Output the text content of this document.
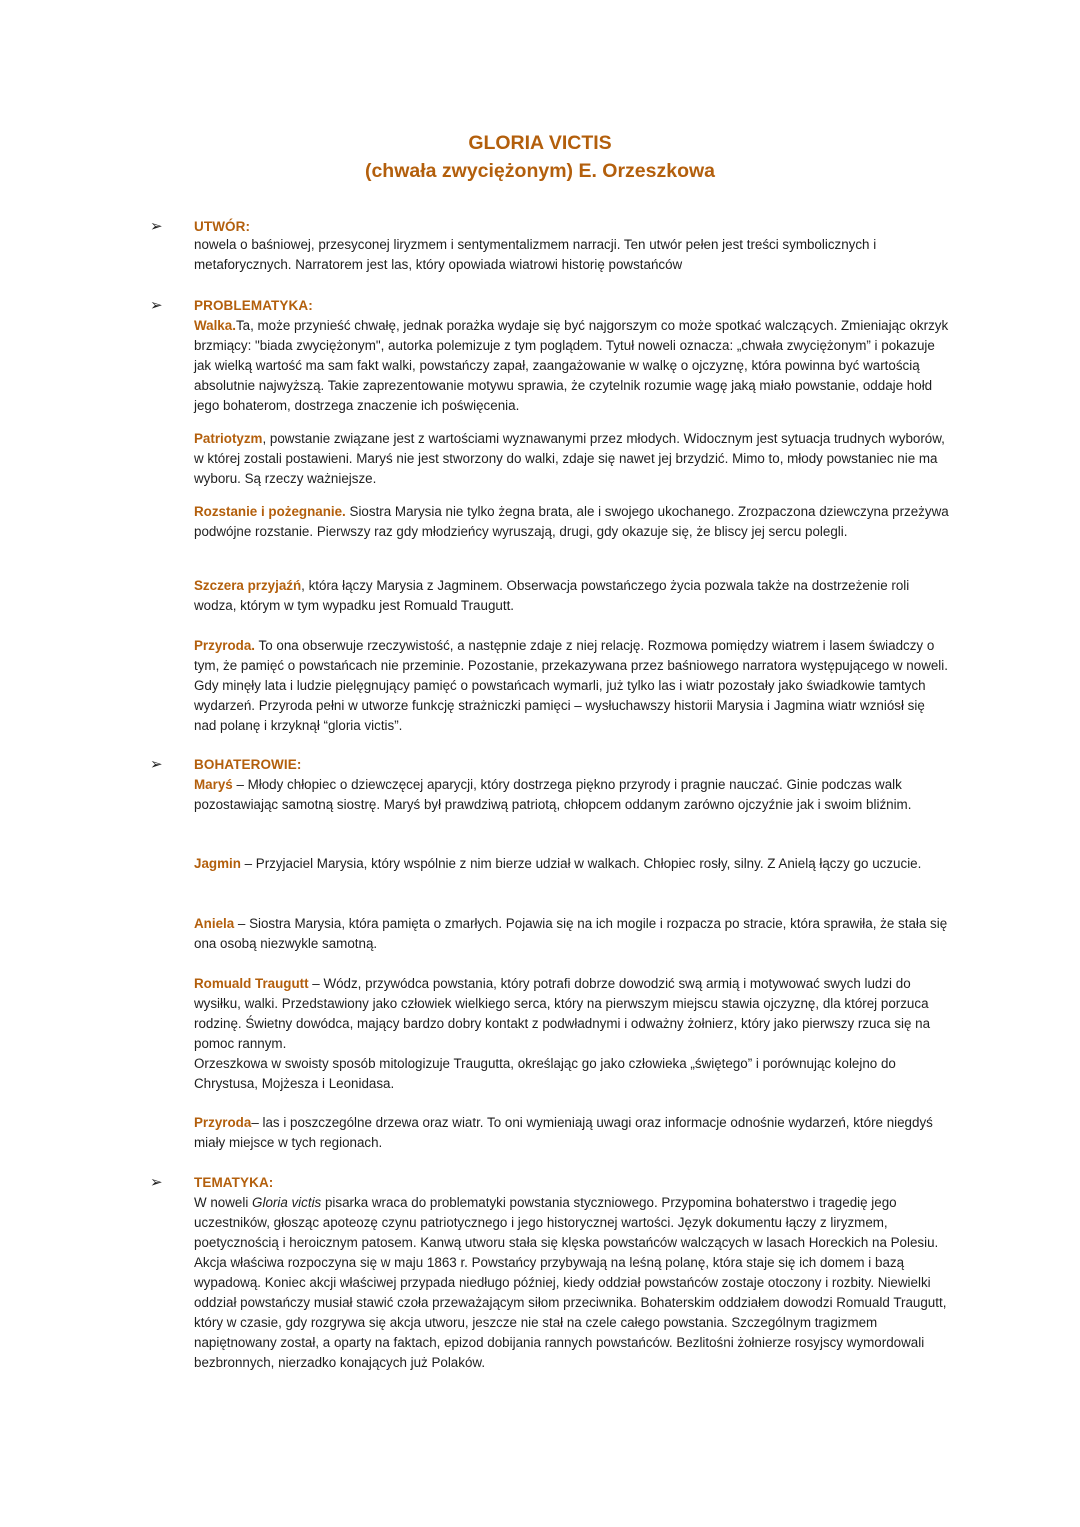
GLORIA VICTIS
(chwała zwyciężonym) E. Orzeszkowa
➢ UTWÓR:
nowela o baśniowej, przesyconej liryzmem i sentymentalizmem narracji. Ten utwór pełen jest treści symbolicznych i metaforycznych. Narratorem jest las, który opowiada wiatrowi historię powstańców
➢ PROBLEMATYKA:
Walka.Ta, może przynieść chwałę, jednak porażka wydaje się być najgorszym co może spotkać walczących. Zmieniając okrzyk brzmiący: "biada zwyciężonym", autorka polemizuje z tym poglądem. Tytuł noweli oznacza: „chwała zwyciężonym” i pokazuje jak wielką wartość ma sam fakt walki, powstańczy zapał, zaangażowanie w walkę o ojczyznę, która powinna być wartością absolutnie najwyższą. Takie zaprezentowanie motywu sprawia, że czytelnik rozumie wagę jaką miało powstanie, oddaje hołd jego bohaterom, dostrzega znaczenie ich poświęcenia.
Patriotyzm, powstanie związane jest z wartościami wyznawanymi przez młodych. Widocznym jest sytuacja trudnych wyborów, w której zostali postawieni. Maryś nie jest stworzony do walki, zdaje się nawet jej brzydzić. Mimo to, młody powstaniec nie ma wyboru. Są rzeczy ważniejsze.
Rozstanie i pożegnanie. Siostra Marysia nie tylko żegna brata, ale i swojego ukochanego. Zrozpaczona dziewczyna przeżywa podwójne rozstanie. Pierwszy raz gdy młodzieńcy wyruszają, drugi, gdy okazuje się, że bliscy jej sercu polegli.
Szczera przyjaźń, która łączy Marysia z Jagminem. Obserwacja powstańczego życia pozwala także na dostrzeżenie roli wodza, którym w tym wypadku jest Romuald Traugutt.
Przyroda. To ona obserwuje rzeczywistość, a następnie zdaje z niej relację. Rozmowa pomiędzy wiatrem i lasem świadczy o tym, że pamięć o powstańcach nie przeminie. Pozostanie, przekazywana przez baśniowego narratora występującego w noweli. Gdy minęły lata i ludzie pielęgnujący pamięć o powstańcach wymarli, już tylko las i wiatr pozostały jako świadkowie tamtych wydarzeń. Przyroda pełni w utworze funkcję strażniczki pamięci – wysłuchawszy historii Marysia i Jagmina wiatr wzniósł się nad polanę i krzyknął “gloria victis”.
➢ BOHATEROWIE:
Maryś – Młody chłopiec o dziewczęcej aparycji, który dostrzega piękno przyrody i pragnie nauczać. Ginie podczas walk pozostawiając samotną siostrę. Maryś był prawdziwą patriotą, chłopcem oddanym zarówno ojczyźnie jak i swoim bliźnim.
Jagmin – Przyjaciel Marysia, który wspólnie z nim bierze udział w walkach. Chłopiec rosły, silny. Z Anielą łączy go uczucie.
Aniela – Siostra Marysia, która pamięta o zmarłych. Pojawia się na ich mogile i rozpacza po stracie, która sprawiła, że stała się ona osobą niezwykle samotną.
Romuald Traugutt – Wódz, przywódca powstania, który potrafi dobrze dowodzić swą armią i motywować swych ludzi do wysiłku, walki. Przedstawiony jako człowiek wielkiego serca, który na pierwszym miejscu stawia ojczyznę, dla której porzuca rodzinę. Świetny dowódca, mający bardzo dobry kontakt z podwładnymi i odważny żołnierz, który jako pierwszy rzuca się na pomoc rannym.
Orzeszkowa w swoisty sposób mitologizuje Traugutta, określając go jako człowieka „świętego” i porównując kolejno do Chrystusa, Mojżesza i Leonidasa.
Przyroda– las i poszczególne drzewa oraz wiatr. To oni wymieniają uwagi oraz informacje odnośnie wydarzeń, które niegdyś miały miejsce w tych regionach.
➢ TEMATYKA:
W noweli Gloria victis pisarka wraca do problematyki powstania styczniowego. Przypomina bohaterstwo i tragedię jego uczestników, głosząc apoteozę czynu patriotycznego i jego historycznej wartości. Język dokumentu łączy z liryzmem, poetycznością i heroicznym patosem. Kanwą utworu stała się klęska powstańców walczących w lasach Horeckich na Polesiu. Akcja właściwa rozpoczyna się w maju 1863 r. Powstańcy przybywają na leśną polanę, która staje się ich domem i bazą wypadową. Koniec akcji właściwej przypada niedługo później, kiedy oddział powstańców zostaje otoczony i rozbity. Niewielki oddział powstańczy musiał stawić czoła przeważającym siłom przeciwnika. Bohaterskim oddziałem dowodzi Romuald Traugutt, który w czasie, gdy rozgrywa się akcja utworu, jeszcze nie stał na czele całego powstania. Szczególnym tragizmem napiętnowany został, a oparty na faktach, epizod dobijania rannych powstańców. Bezlitośni żołnierze rosyjscy wymordowali bezbronnych, nierzadko konających już Polaków.
